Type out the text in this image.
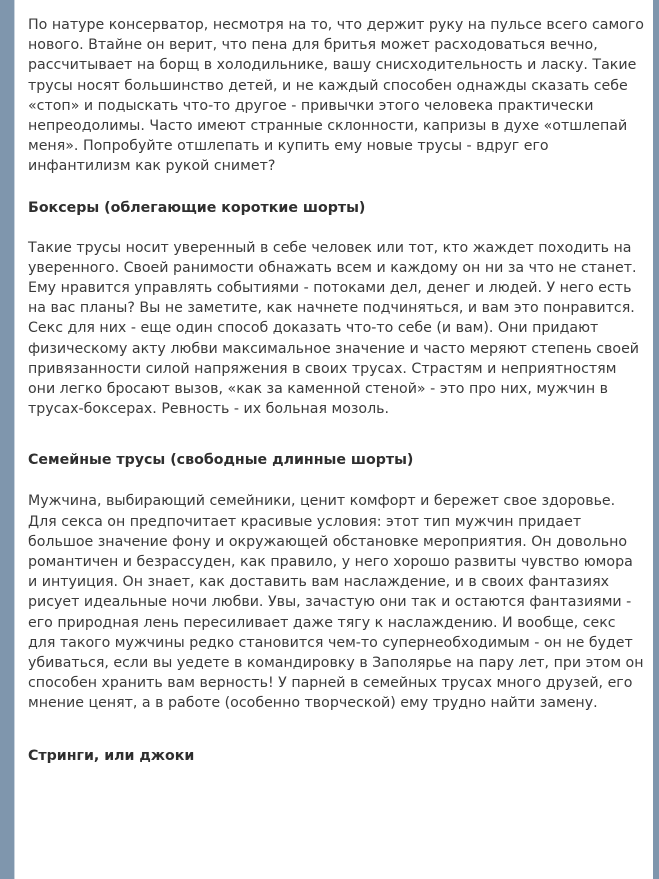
По натуре консерватор, несмотря на то, что держит руку на пульсе всего самого нового. Втайне он верит, что пена для бритья может расходоваться вечно, рассчитывает на борщ в холодильнике, вашу снисходительность и ласку. Такие трусы носят большинство детей, и не каждый способен однажды сказать себе «стоп» и подыскать что-то другое - привычки этого человека практически непреодолимы. Часто имеют странные склонности, капризы в духе «отшлепай меня». Попробуйте отшлепать и купить ему новые трусы - вдруг его инфантилизм как рукой снимет?

Боксеры (облегающие короткие шорты)

Такие трусы носит уверенный в себе человек или тот, кто жаждет походить на уверенного. Своей ранимости обнажать всем и каждому он ни за что не станет. Ему нравится управлять событиями - потоками дел, денег и людей. У него есть на вас планы? Вы не заметите, как начнете подчиняться, и вам это понравится. Секс для них - еще один способ доказать что-то себе (и вам). Они придают физическому акту любви максимальное значение и часто меряют степень своей привязанности силой напряжения в своих трусах. Страстям и неприятностям они легко бросают вызов, «как за каменной стеной» - это про них, мужчин в трусах-боксерах. Ревность - их больная мозоль.

Семейные трусы (свободные длинные шорты)

Мужчина, выбирающий семейники, ценит комфорт и бережет свое здоровье. Для секса он предпочитает красивые условия: этот тип мужчин придает большое значение фону и окружающей обстановке мероприятия. Он довольно романтичен и безрассуден, как правило, у него хорошо развиты чувство юмора и интуиция. Он знает, как доставить вам наслаждение, и в своих фантазиях рисует идеальные ночи любви. Увы, зачастую они так и остаются фантазиями - его природная лень пересиливает даже тягу к наслаждению. И вообще, секс для такого мужчины редко становится чем-то супернеобходимым - он не будет убиваться, если вы уедете в командировку в Заполярье на пару лет, при этом он способен хранить вам верность! У парней в семейных трусах много друзей, его мнение ценят, а в работе (особенно творческой) ему трудно найти замену.

Стринги, или джоки
